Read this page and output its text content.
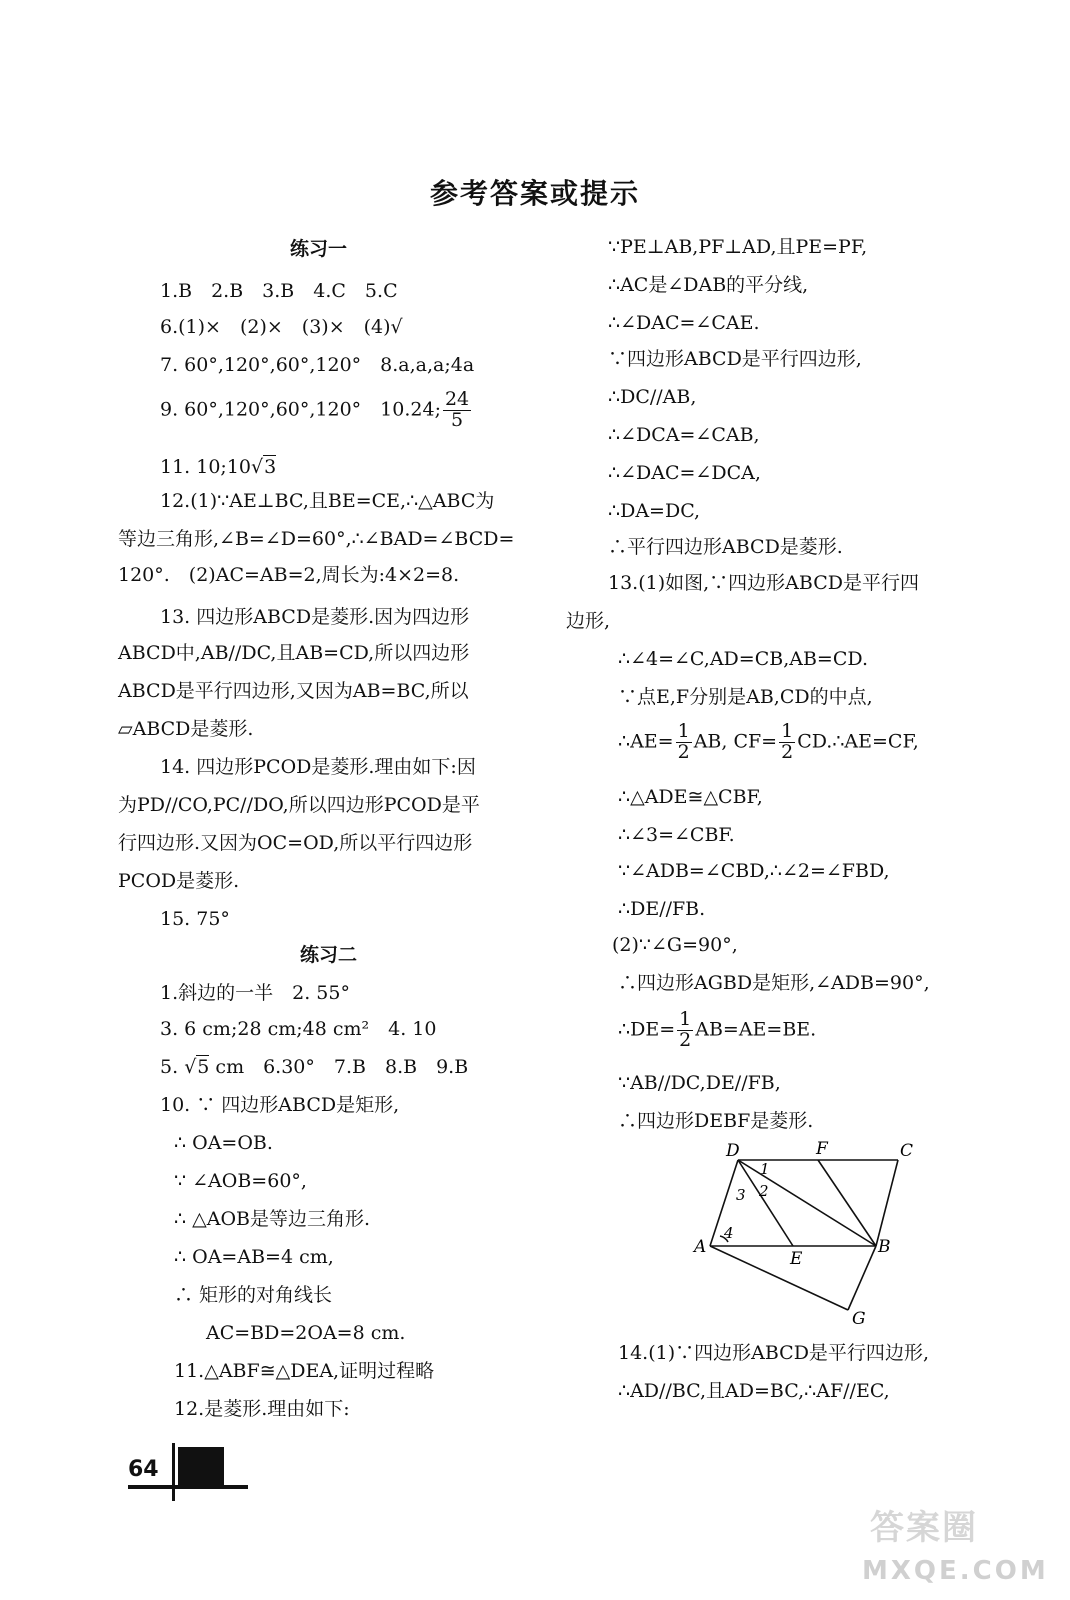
参考答案或提示
练习一
1.B　2.B　3.B　4.C　5.C
6.(1)×　(2)×　(3)×　(4)√
7. 60°,120°,60°,120°　8.a,a,a;4a
9. 60°,120°,60°,120°　10.24; $\frac{24}{5}$
11. 10;10√3
12.(1)∵AE⊥BC,且BE=CE,∴△ABC为
等边三角形,∠B=∠D=60°,∴∠BAD=∠BCD=
120°.　(2)AC=AB=2,周长为:4×2=8.
13. 四边形ABCD是菱形.因为四边形
ABCD中,AB//DC,且AB=CD,所以四边形
ABCD是平行四边形,又因为AB=BC,所以
▱ABCD是菱形.
14. 四边形PCOD是菱形.理由如下:因
为PD//CO,PC//DO,所以四边形PCOD是平
行四边形.又因为OC=OD,所以平行四边形
PCOD是菱形.
15. 75°
练习二
1.斜边的一半　2. 55°
3. 6 cm;28 cm;48 cm²　4. 10
5. √5 cm　6.30°　7.B　8.B　9.B
10. ∵ 四边形ABCD是矩形,
∴ OA=OB.
∵ ∠AOB=60°,
∴ △AOB是等边三角形.
∴ OA=AB=4 cm,
∴ 矩形的对角线长
AC=BD=2OA=8 cm.
11.△ABF≅△DEA,证明过程略
12.是菱形.理由如下:
∵PE⊥AB,PF⊥AD,且PE=PF,
∴AC是∠DAB的平分线,
∴∠DAC=∠CAE.
∵四边形ABCD是平行四边形,
∴DC//AB,
∴∠DCA=∠CAB,
∴∠DAC=∠DCA,
∴DA=DC,
∴平行四边形ABCD是菱形.
13.(1)如图,∵四边形ABCD是平行四
边形,
∴∠4=∠C,AD=CB,AB=CD.
∵点E,F分别是AB,CD的中点,
∴AE= $\frac{1}{2}$ AB, $CF= \frac{1}{2}$ CD.∴AE=CF,
∴△ADE≅△CBF,
∴∠3=∠CBF.
∵∠ADB=∠CBD,∴∠2=∠FBD,
∴DE//FB.
(2)∵∠G=90°,
∴四边形AGBD是矩形,∠ADB=90°,
∴DE= $\frac{1}{2} AB=AE=BE$.
∵AB//DC,DE//FB,
∴四边形DEBF是菱形.
14.(1)∵四边形ABCD是平行四边形,
∴AD//BC,且AD=BC,∴AF//EC,
D	F	C
A
E
B
G
1
2
3
4
64
答案圈
MXQE.COM
